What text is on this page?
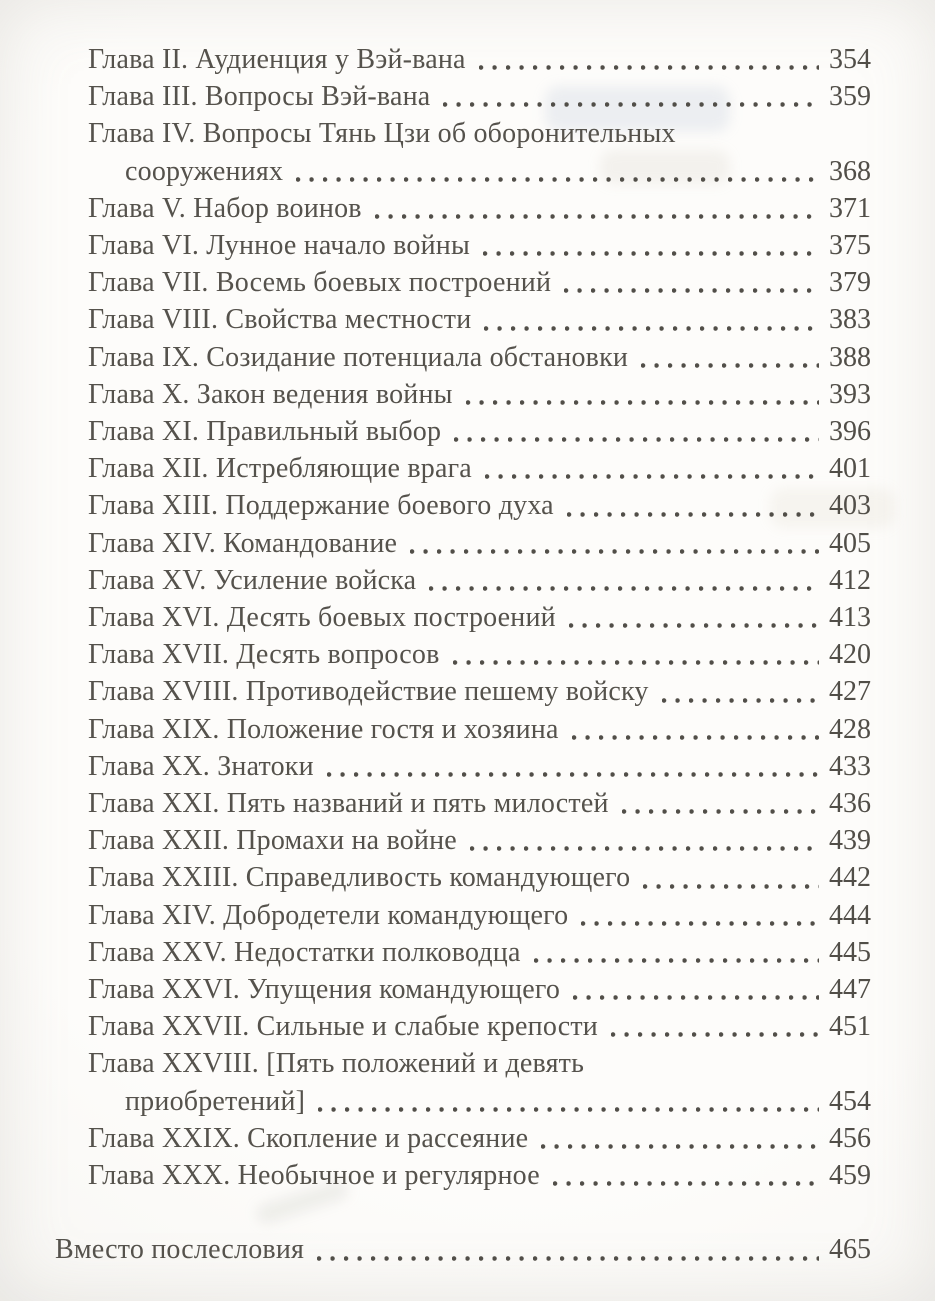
Глава II. Аудиенция у Вэй-вана	354
Глава III. Вопросы Вэй-вана	359
Глава IV. Вопросы Тянь Цзи об оборонительных
сооружениях	368
Глава V. Набор воинов	371
Глава VI. Лунное начало войны	375
Глава VII. Восемь боевых построений	379
Глава VIII. Свойства местности	383
Глава IX. Созидание потенциала обстановки	388
Глава X. Закон ведения войны	393
Глава XI. Правильный выбор	396
Глава XII. Истребляющие врага	401
Глава XIII. Поддержание боевого духа	403
Глава XIV. Командование	405
Глава XV. Усиление войска	412
Глава XVI. Десять боевых построений	413
Глава XVII. Десять вопросов	420
Глава XVIII. Противодействие пешему войску	427
Глава XIX. Положение гостя и хозяина	428
Глава XX. Знатоки	433
Глава XXI. Пять названий и пять милостей	436
Глава XXII. Промахи на войне	439
Глава XXIII. Справедливость командующего	442
Глава XIV. Добродетели командующего	444
Глава XXV. Недостатки полководца	445
Глава XXVI. Упущения командующего	447
Глава XXVII. Сильные и слабые крепости	451
Глава XXVIII. [Пять положений и девять
приобретений]	454
Глава XXIX. Скопление и рассеяние	456
Глава XXX. Необычное и регулярное	459
Вместо послесловия	465
